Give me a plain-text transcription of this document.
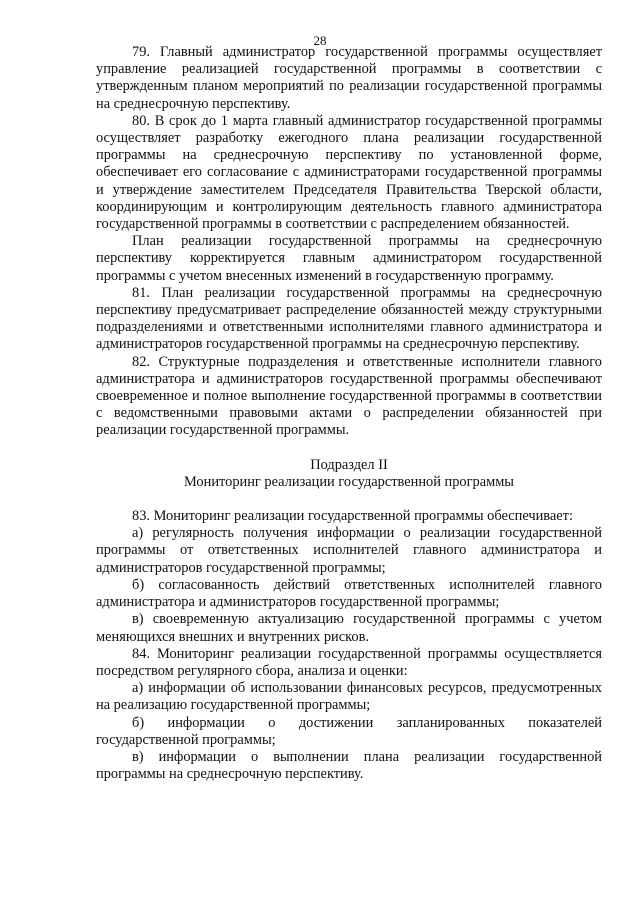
28

79. Главный администратор государственной программы осуществляет управление реализацией государственной программы в соответствии с утвержденным планом мероприятий по реализации государственной программы на среднесрочную перспективу.

80. В срок до 1 марта главный администратор государственной программы осуществляет разработку ежегодного плана реализации государственной программы на среднесрочную перспективу по установленной форме, обеспечивает его согласование с администраторами государственной программы и утверждение заместителем Председателя Правительства Тверской области, координирующим и контролирующим деятельность главного администратора государственной программы в соответствии с распределением обязанностей.

План реализации государственной программы на среднесрочную перспективу корректируется главным администратором государственной программы с учетом внесенных изменений в государственную программу.

81. План реализации государственной программы на среднесрочную перспективу предусматривает распределение обязанностей между структурными подразделениями и ответственными исполнителями главного администратора и администраторов государственной программы на среднесрочную перспективу.

82. Структурные подразделения и ответственные исполнители главного администратора и администраторов государственной программы обеспечивают своевременное и полное выполнение государственной программы в соответствии с ведомственными правовыми актами о распределении обязанностей при реализации государственной программы.

Подраздел II

Мониторинг реализации государственной программы

83. Мониторинг реализации государственной программы обеспечивает:

а) регулярность получения информации о реализации государственной программы от ответственных исполнителей главного администратора и администраторов государственной программы;

б) согласованность действий ответственных исполнителей главного администратора и администраторов государственной программы;

в) своевременную актуализацию государственной программы с учетом меняющихся внешних и внутренних рисков.

84. Мониторинг реализации государственной программы осуществляется посредством регулярного сбора, анализа и оценки:

а) информации об использовании финансовых ресурсов, предусмотренных на реализацию государственной программы;

б) информации о достижении запланированных показателей государственной программы;

в) информации о выполнении плана реализации государственной программы на среднесрочную перспективу.
